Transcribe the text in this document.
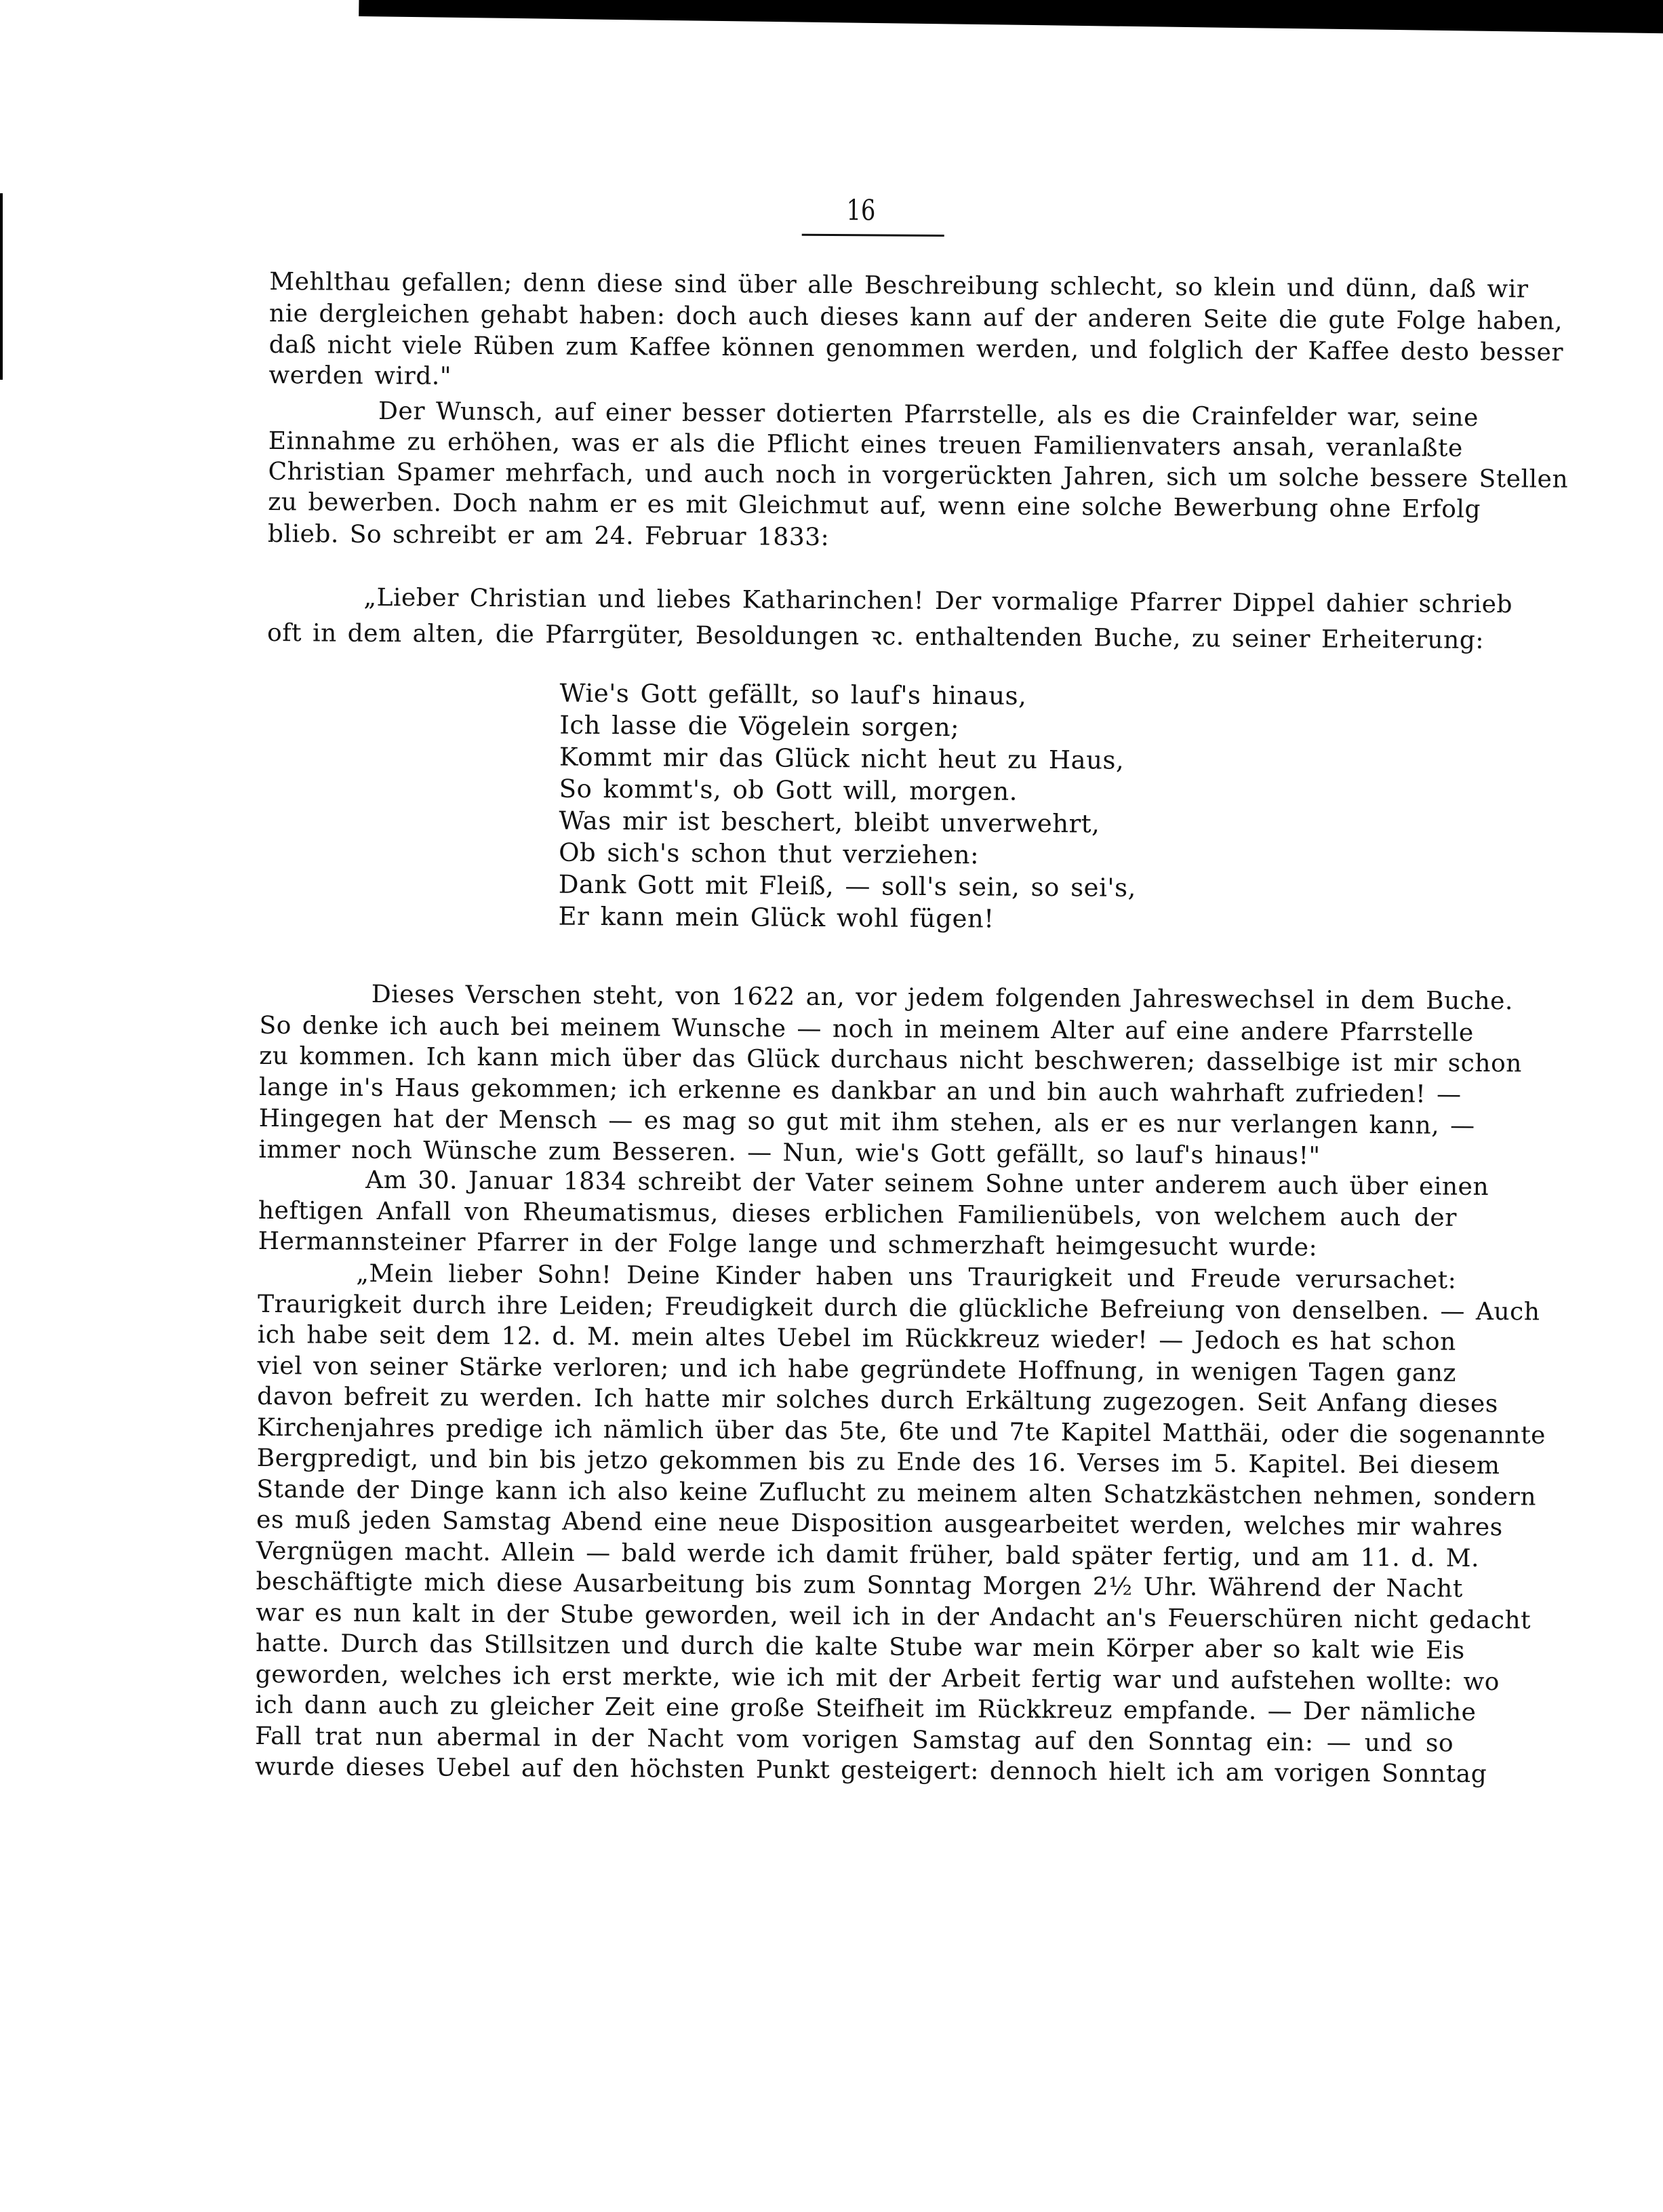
16
Mehlthau gefallen; denn diese sind über alle Beschreibung schlecht, so klein und dünn, daß wir
nie dergleichen gehabt haben: doch auch dieses kann auf der anderen Seite die gute Folge haben,
daß nicht viele Rüben zum Kaffee können genommen werden, und folglich der Kaffee desto besser
werden wird."
Der Wunsch, auf einer besser dotierten Pfarrstelle, als es die Crainfelder war, seine
Einnahme zu erhöhen, was er als die Pflicht eines treuen Familienvaters ansah, veranlaßte
Christian Spamer mehrfach, und auch noch in vorgerückten Jahren, sich um solche bessere Stellen
zu bewerben. Doch nahm er es mit Gleichmut auf, wenn eine solche Bewerbung ohne Erfolg
blieb. So schreibt er am 24. Februar 1833:
„Lieber Christian und liebes Katharinchen! Der vormalige Pfarrer Dippel dahier schrieb
oft in dem alten, die Pfarrgüter, Besoldungen ꝛc. enthaltenden Buche, zu seiner Erheiterung:
Wie's Gott gefällt, so lauf's hinaus,
Ich lasse die Vögelein sorgen;
Kommt mir das Glück nicht heut zu Haus,
So kommt's, ob Gott will, morgen.
Was mir ist beschert, bleibt unverwehrt,
Ob sich's schon thut verziehen:
Dank Gott mit Fleiß, — soll's sein, so sei's,
Er kann mein Glück wohl fügen!
Dieses Verschen steht, von 1622 an, vor jedem folgenden Jahreswechsel in dem Buche.
So denke ich auch bei meinem Wunsche — noch in meinem Alter auf eine andere Pfarrstelle
zu kommen. Ich kann mich über das Glück durchaus nicht beschweren; dasselbige ist mir schon
lange in's Haus gekommen; ich erkenne es dankbar an und bin auch wahrhaft zufrieden! —
Hingegen hat der Mensch — es mag so gut mit ihm stehen, als er es nur verlangen kann, —
immer noch Wünsche zum Besseren. — Nun, wie's Gott gefällt, so lauf's hinaus!"
Am 30. Januar 1834 schreibt der Vater seinem Sohne unter anderem auch über einen
heftigen Anfall von Rheumatismus, dieses erblichen Familienübels, von welchem auch der
Hermannsteiner Pfarrer in der Folge lange und schmerzhaft heimgesucht wurde:
„Mein lieber Sohn! Deine Kinder haben uns Traurigkeit und Freude verursachet:
Traurigkeit durch ihre Leiden; Freudigkeit durch die glückliche Befreiung von denselben. — Auch
ich habe seit dem 12. d. M. mein altes Uebel im Rückkreuz wieder! — Jedoch es hat schon
viel von seiner Stärke verloren; und ich habe gegründete Hoffnung, in wenigen Tagen ganz
davon befreit zu werden. Ich hatte mir solches durch Erkältung zugezogen. Seit Anfang dieses
Kirchenjahres predige ich nämlich über das 5te, 6te und 7te Kapitel Matthäi, oder die sogenannte
Bergpredigt, und bin bis jetzo gekommen bis zu Ende des 16. Verses im 5. Kapitel. Bei diesem
Stande der Dinge kann ich also keine Zuflucht zu meinem alten Schatzkästchen nehmen, sondern
es muß jeden Samstag Abend eine neue Disposition ausgearbeitet werden, welches mir wahres
Vergnügen macht. Allein — bald werde ich damit früher, bald später fertig, und am 11. d. M.
beschäftigte mich diese Ausarbeitung bis zum Sonntag Morgen 2½ Uhr. Während der Nacht
war es nun kalt in der Stube geworden, weil ich in der Andacht an's Feuerschüren nicht gedacht
hatte. Durch das Stillsitzen und durch die kalte Stube war mein Körper aber so kalt wie Eis
geworden, welches ich erst merkte, wie ich mit der Arbeit fertig war und aufstehen wollte: wo
ich dann auch zu gleicher Zeit eine große Steifheit im Rückkreuz empfande. — Der nämliche
Fall trat nun abermal in der Nacht vom vorigen Samstag auf den Sonntag ein: — und so
wurde dieses Uebel auf den höchsten Punkt gesteigert: dennoch hielt ich am vorigen Sonntag
